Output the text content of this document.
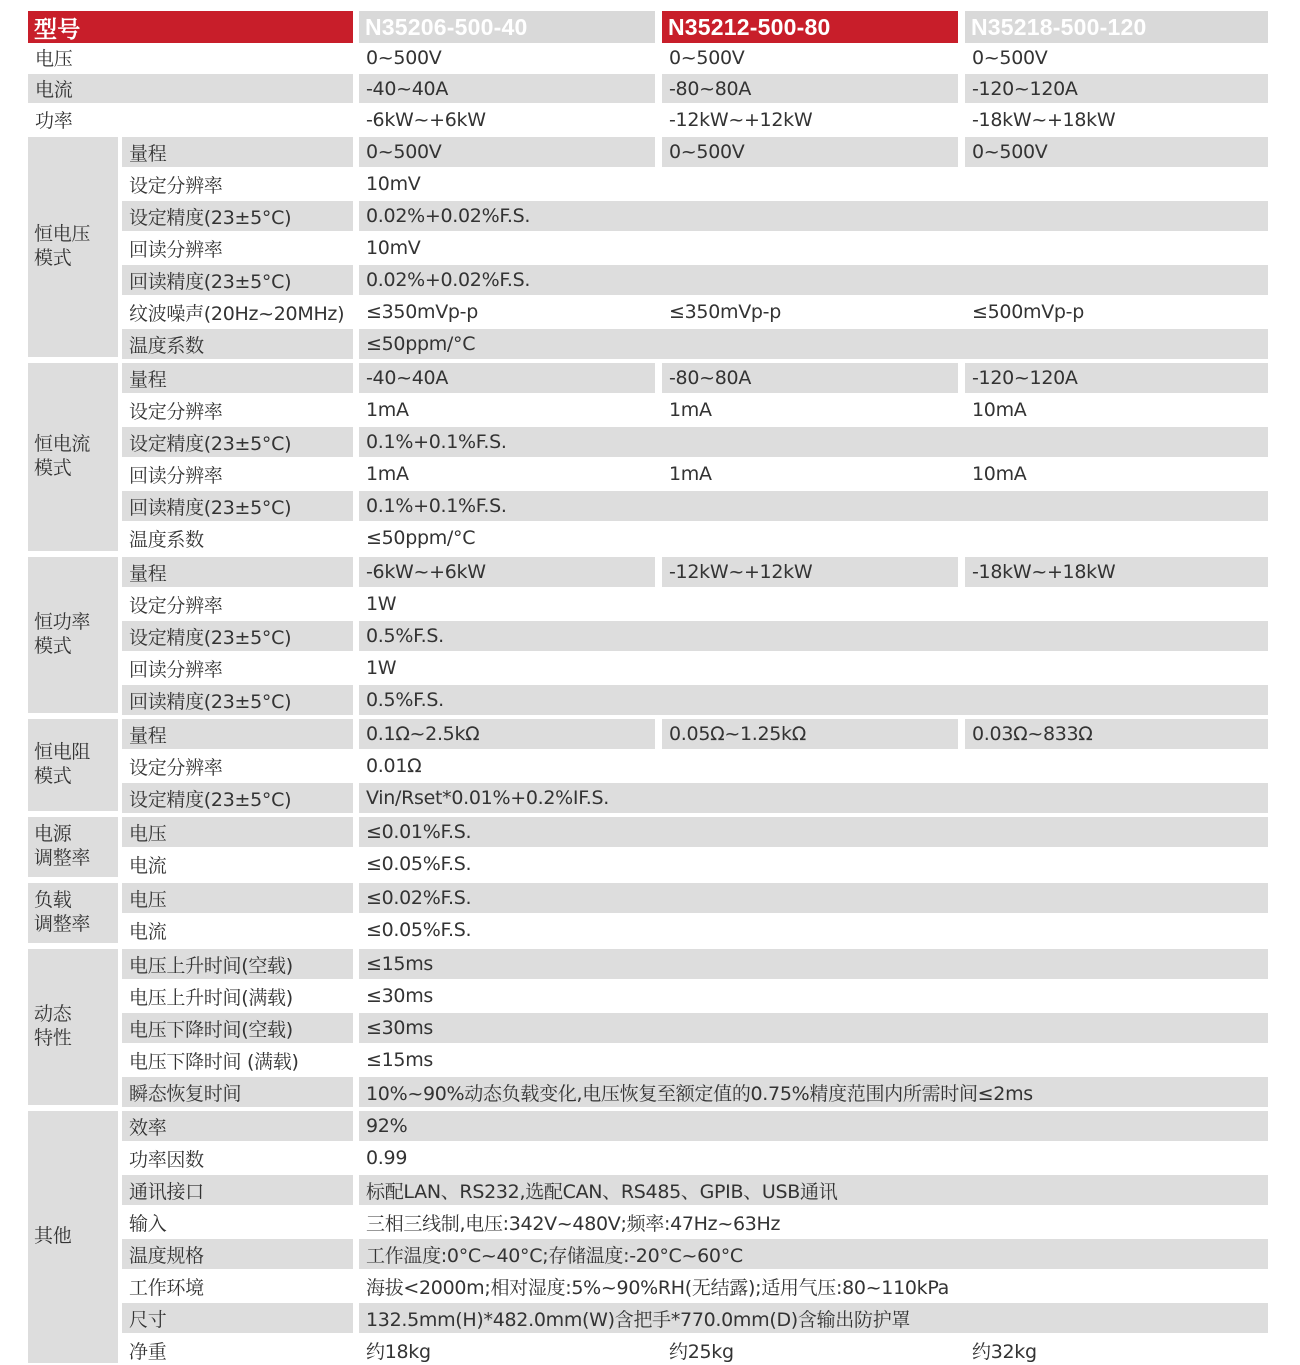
型号	N35206-500-40	N35212-500-80	N35218-500-120
电压	0~500V	0~500V	0~500V
电流	-40~40A	-80~80A	-120~120A
功率	-6kW~+6kW	-12kW~+12kW	-18kW~+18kW
恒电压
模式
量程	0~500V	0~500V	0~500V
设定分辨率	10mV
设定精度(23±5°C)	0.02%+0.02%F.S.
回读分辨率	10mV
回读精度(23±5°C)	0.02%+0.02%F.S.
纹波噪声(20Hz~20MHz)	≤350mVp-p	≤350mVp-p	≤500mVp-p
温度系数	≤50ppm/°C
恒电流
模式
量程	-40~40A	-80~80A	-120~120A
设定分辨率	1mA	1mA	10mA
设定精度(23±5°C)	0.1%+0.1%F.S.
回读分辨率	1mA	1mA	10mA
回读精度(23±5°C)	0.1%+0.1%F.S.
温度系数	≤50ppm/°C
恒功率
模式
量程	-6kW~+6kW	-12kW~+12kW	-18kW~+18kW
设定分辨率	1W
设定精度(23±5°C)	0.5%F.S.
回读分辨率	1W
回读精度(23±5°C)	0.5%F.S.
恒电阻
模式
量程	0.1Ω~2.5kΩ	0.05Ω~1.25kΩ	0.03Ω~833Ω
设定分辨率	0.01Ω
设定精度(23±5°C)	Vin/Rset*0.01%+0.2%IF.S.
电源
调整率
电压	≤0.01%F.S.
电流	≤0.05%F.S.
负载
调整率
电压	≤0.02%F.S.
电流	≤0.05%F.S.
动态
特性
电压上升时间(空载)	≤15ms
电压上升时间(满载)	≤30ms
电压下降时间(空载)	≤30ms
电压下降时间 (满载)	≤15ms
瞬态恢复时间	10%~90%动态负载变化,电压恢复至额定值的0.75%精度范围内所需时间≤2ms
其他
效率	92%
功率因数	0.99
通讯接口	标配LAN、RS232,选配CAN、RS485、GPIB、USB通讯
输入	三相三线制,电压:342V~480V;频率:47Hz~63Hz
温度规格	工作温度:0°C~40°C;存储温度:-20°C~60°C
工作环境	海拔<2000m;相对湿度:5%~90%RH(无结露);适用气压:80~110kPa
尺寸	132.5mm(H)*482.0mm(W)含把手*770.0mm(D)含输出防护罩
净重	约18kg	约25kg	约32kg
